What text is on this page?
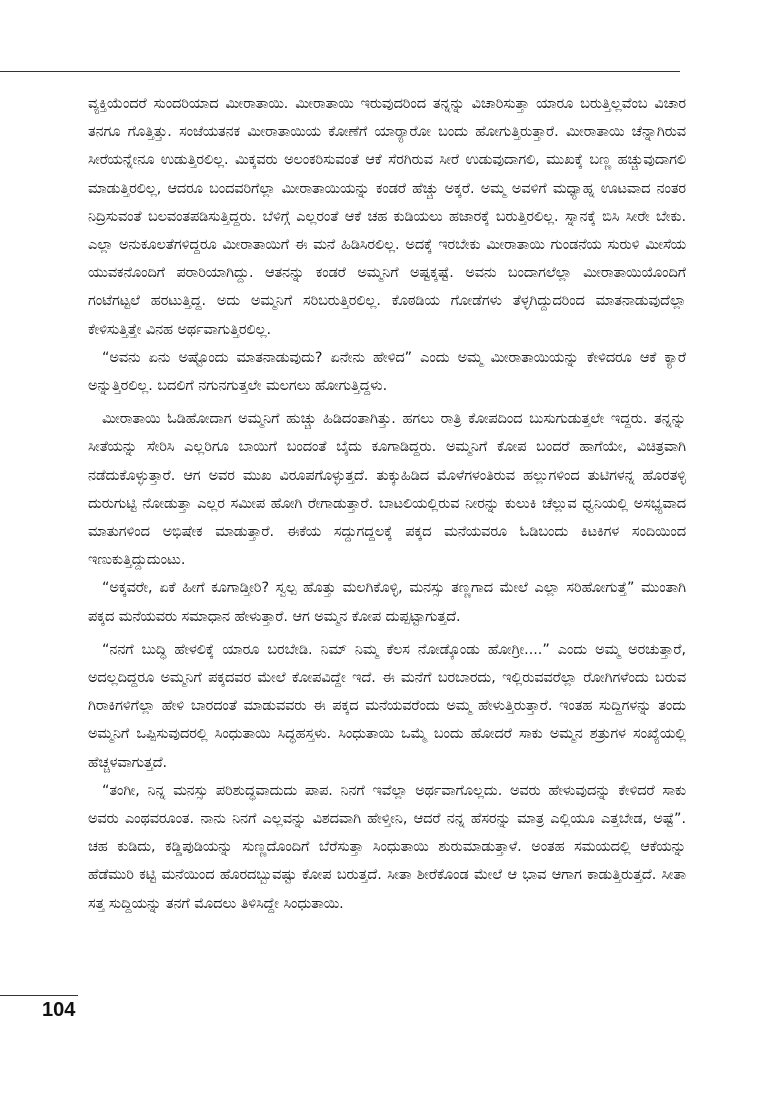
ವ್ಯಕ್ತಿಯೆಂದರೆ ಸುಂದರಿಯಾದ ಮೀರಾತಾಯಿ. ಮೀರಾತಾಯಿ ಇರುವುದರಿಂದ ತನ್ನನ್ನು ವಿಚಾರಿಸುತ್ತಾ ಯಾರೂ ಬರುತ್ತಿಲ್ಲವೆಂಬ ವಿಚಾರ ತನಗೂ ಗೊತ್ತಿತ್ತು. ಸಂಜೆಯತನಕ ಮೀರಾತಾಯಿಯ ಕೋಣೆಗೆ ಯಾರ್‍ಯಾರೋ ಬಂದು ಹೋಗುತ್ತಿರುತ್ತಾರೆ. ಮೀರಾತಾಯಿ ಚೆನ್ನಾಗಿರುವ ಸೀರೆಯನ್ನೇನೂ ಉಡುತ್ತಿರಲಿಲ್ಲ. ಮಿಕ್ಕವರು ಅಲಂಕರಿಸುವಂತೆ ಆಕೆ ಸೆರಗಿರುವ ಸೀರೆ ಉಡುವುದಾಗಲಿ, ಮುಖಕ್ಕೆ ಬಣ್ಣ ಹಚ್ಚುವುದಾಗಲಿ ಮಾಡುತ್ತಿರಲಿಲ್ಲ, ಆದರೂ ಬಂದವರಿಗೆಲ್ಲಾ ಮೀರಾತಾಯಿಯನ್ನು ಕಂಡರೆ ಹೆಚ್ಚು ಅಕ್ಕರೆ. ಅಮ್ಮ ಅವಳಿಗೆ ಮಧ್ಯಾಹ್ನ ಊಟವಾದ ನಂತರ ನಿದ್ರಿಸುವಂತೆ ಬಲವಂತಪಡಿಸುತ್ತಿದ್ದರು. ಬೆಳಿಗ್ಗೆ ಎಲ್ಲರಂತೆ ಆಕೆ ಚಹ ಕುಡಿಯಲು ಹಜಾರಕ್ಕೆ ಬರುತ್ತಿರಲಿಲ್ಲ. ಸ್ನಾನಕ್ಕೆ ಬಿಸಿ ಸೀರೇ ಬೇಕು. ಎಲ್ಲಾ ಅನುಕೂಲತೆಗಳಿದ್ದರೂ ಮೀರಾತಾಯಿಗೆ ಈ ಮನೆ ಹಿಡಿಸಿರಲಿಲ್ಲ. ಅದಕ್ಕೆ ಇರಬೇಕು ಮೀರಾತಾಯಿ ಗುಂಡನೆಯ ಸುರುಳಿ ಮೀಸೆಯ ಯುವಕನೊಂದಿಗೆ ಪರಾರಿಯಾಗಿದ್ದು. ಆತನನ್ನು ಕಂಡರೆ ಅಮ್ಮನಿಗೆ ಅಷ್ಟಕ್ಕಷ್ಟೆ. ಅವನು ಬಂದಾಗಲೆಲ್ಲಾ ಮೀರಾತಾಯಿಯೊಂದಿಗೆ ಗಂಟೆಗಟ್ಟಲೆ ಹರಟುತ್ತಿದ್ದ. ಅದು ಅಮ್ಮನಿಗೆ ಸರಿಬರುತ್ತಿರಲಿಲ್ಲ. ಕೊಠಡಿಯ ಗೋಡೆಗಳು ತೆಳ್ಳಗಿದ್ದುದರಿಂದ ಮಾತನಾಡುವುದೆಲ್ಲಾ ಕೇಳಿಸುತ್ತಿತ್ತೇ ವಿನಹ ಅರ್ಥವಾಗುತ್ತಿರಲಿಲ್ಲ.

“ಅವನು ಏನು ಅಷ್ಟೊಂದು ಮಾತನಾಡುವುದು? ಏನೇನು ಹೇಳಿದ” ಎಂದು ಅಮ್ಮ ಮೀರಾತಾಯಿಯನ್ನು ಕೇಳಿದರೂ ಆಕೆ ಕ್ಯಾರೆ ಅನ್ನುತ್ತಿರಲಿಲ್ಲ. ಬದಲಿಗೆ ನಗುನಗುತ್ತಲೇ ಮಲಗಲು ಹೋಗುತ್ತಿದ್ದಳು.

ಮೀರಾತಾಯಿ ಓಡಿಹೋದಾಗ ಅಮ್ಮನಿಗೆ ಹುಚ್ಚು ಹಿಡಿದಂತಾಗಿತ್ತು. ಹಗಲು ರಾತ್ರಿ ಕೋಪದಿಂದ ಬುಸುಗುಡುತ್ತಲೇ ಇದ್ದರು. ತನ್ನನ್ನು ಸೀತೆಯನ್ನು ಸೇರಿಸಿ ಎಲ್ಲರಿಗೂ ಬಾಯಿಗೆ ಬಂದಂತೆ ಬೈದು ಕೂಗಾಡಿದ್ದರು. ಅಮ್ಮನಿಗೆ ಕೋಪ ಬಂದರೆ ಹಾಗೆಯೇ, ವಿಚಿತ್ರವಾಗಿ ನಡೆದುಕೊಳ್ಳುತ್ತಾರೆ. ಆಗ ಅವರ ಮುಖ ವಿರೂಪಗೊಳ್ಳುತ್ತದೆ. ತುಕ್ಕುಹಿಡಿದ ಮೊಳೆಗಳಂತಿರುವ ಹಲ್ಲುಗಳಿಂದ ತುಟಿಗಳನ್ನ ಹೊರತಳ್ಳಿ ದುರುಗುಟ್ಟಿ ನೋಡುತ್ತಾ ಎಲ್ಲರ ಸಮೀಪ ಹೋಗಿ ರೇಗಾಡುತ್ತಾರೆ. ಬಾಟಲಿಯಲ್ಲಿರುವ ನೀರನ್ನು ಕುಲುಕಿ ಚೆಲ್ಲುವ ಧ್ವನಿಯಲ್ಲಿ ಅಸಭ್ಯವಾದ ಮಾತುಗಳಿಂದ ಅಭಿಷೇಕ ಮಾಡುತ್ತಾರೆ. ಈಕೆಯ ಸದ್ದುಗದ್ದಲಕ್ಕೆ ಪಕ್ಕದ ಮನೆಯವರೂ ಓಡಿಬಂದು ಕಿಟಕಿಗಳ ಸಂದಿಯಿಂದ ಇಣುಕುತ್ತಿದ್ದುದುಂಟು.

“ಅಕ್ಕವರೇ, ಏಕೆ ಹೀಗೆ ಕೂಗಾಡ್ತೀರಿ? ಸ್ವಲ್ಪ ಹೊತ್ತು ಮಲಗಿಕೊಳ್ಳಿ, ಮನಸ್ಸು ತಣ್ಣಗಾದ ಮೇಲೆ ಎಲ್ಲಾ ಸರಿಹೋಗುತ್ತೆ” ಮುಂತಾಗಿ ಪಕ್ಕದ ಮನೆಯವರು ಸಮಾಧಾನ ಹೇಳುತ್ತಾರೆ. ಆಗ ಅಮ್ಮನ ಕೋಪ ದುಪ್ಪಟ್ಟಾಗುತ್ತದೆ.

“ನನಗೆ ಬುದ್ಧಿ ಹೇಳಲಿಕ್ಕೆ ಯಾರೂ ಬರಬೇಡಿ. ನಿಮ್ ನಿಮ್ಮ ಕೆಲಸ ನೋಡ್ಕೊಂಡು ಹೋಗ್ರೀ....” ಎಂದು ಅಮ್ಮ ಅರಚುತ್ತಾರೆ, ಅದಲ್ಲದಿದ್ದರೂ ಅಮ್ಮನಿಗೆ ಪಕ್ಕದವರ ಮೇಲೆ ಕೋಪವಿದ್ದೇ ಇದೆ. ಈ ಮನೆಗೆ ಬರಬಾರದು, ಇಲ್ಲಿರುವವರೆಲ್ಲಾ ರೋಗಿಗಳೆಂದು ಬರುವ ಗಿರಾಕಿಗಳಿಗೆಲ್ಲಾ ಹೇಳಿ ಬಾರದಂತೆ ಮಾಡುವವರು ಈ ಪಕ್ಕದ ಮನೆಯವರೆಂದು ಅಮ್ಮ ಹೇಳುತ್ತಿರುತ್ತಾರೆ. ಇಂತಹ ಸುದ್ದಿಗಳನ್ನು ತಂದು ಅಮ್ಮನಿಗೆ ಒಪ್ಪಿಸುವುದರಲ್ಲಿ ಸಿಂಧುತಾಯಿ ಸಿದ್ಧಹಸ್ತಳು. ಸಿಂಧುತಾಯಿ ಒಮ್ಮೆ ಬಂದು ಹೋದರೆ ಸಾಕು ಅಮ್ಮನ ಶತ್ರುಗಳ ಸಂಖ್ಯೆಯಲ್ಲಿ ಹೆಚ್ಚಳವಾಗುತ್ತದೆ.

“ತಂಗೀ, ನಿನ್ನ ಮನಸ್ಸು ಪರಿಶುದ್ಧವಾದುದು ಪಾಪ. ನಿನಗೆ ಇವೆಲ್ಲಾ ಅರ್ಥವಾಗೊಲ್ಲದು. ಅವರು ಹೇಳುವುದನ್ನು ಕೇಳಿದರೆ ಸಾಕು ಅವರು ಎಂಥವರೂಂತ. ನಾನು ನಿನಗೆ ಎಲ್ಲವನ್ನು ವಿಶದವಾಗಿ ಹೇಳ್ತೀನಿ, ಆದರೆ ನನ್ನ ಹೆಸರನ್ನು ಮಾತ್ರ ಎಲ್ಲಿಯೂ ಎತ್ತಬೇಡ, ಅಷ್ಟೆ”. ಚಹ ಕುಡಿದು, ಕಡ್ಡಿಪುಡಿಯನ್ನು ಸುಣ್ಣದೊಂದಿಗೆ ಬೆರೆಸುತ್ತಾ ಸಿಂಧುತಾಯಿ ಶುರುಮಾಡುತ್ತಾಳೆ. ಅಂತಹ ಸಮಯದಲ್ಲಿ ಆಕೆಯನ್ನು ಹೆಡೆಮುರಿ ಕಟ್ಟಿ ಮನೆಯಿಂದ ಹೊರದಬ್ಬುವಷ್ಟು ಕೋಪ ಬರುತ್ತದೆ. ಸೀತಾ ಶೀರೆಕೊಂಡ ಮೇಲೆ ಆ ಭಾವ ಆಗಾಗ ಕಾಡುತ್ತಿರುತ್ತದೆ. ಸೀತಾ ಸತ್ತ ಸುದ್ದಿಯನ್ನು ತನಗೆ ಮೊದಲು ತಿಳಿಸಿದ್ದೇ ಸಿಂಧುತಾಯಿ.

104
